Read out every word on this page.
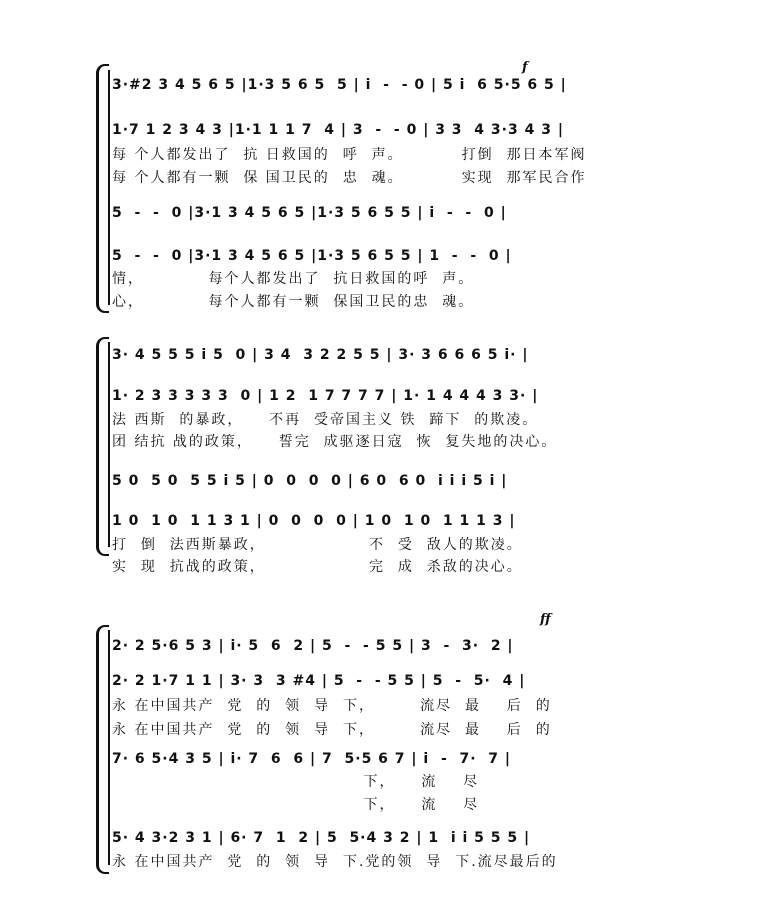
f
3·#2 3 4 5 6 5 |1·3 5 6 5  5 | i  -  - 0 | 5 i  6 5·5 6 5 |
1·7 1 2 3 4 3 |1·1 1 1 7  4 | 3  -  - 0 | 3 3  4 3·3 4 3 |
每 个人都发出了  抗 日救国的  呼  声。         打倒  那日本军阀
每 个人都有一颗  保 国卫民的  忠  魂。         实现  那军民合作
5  -  -  0 |3·1 3 4 5 6 5 |1·3 5 6 5 5 | i  -  -  0 |
5  -  -  0 |3·1 3 4 5 6 5 |1·3 5 6 5 5 | 1  -  -  0 |
情，          每个人都发出了  抗日救国的呼  声。
心，          每个人都有一颗  保国卫民的忠  魂。
3· 4 5 5 5 i 5  0 | 3 4  3 2 2 5 5 | 3· 3 6 6 6 5 i· |
1· 2 3 3 3 3 3  0 | 1 2  1 7 7 7 7 | 1· 1 4 4 4 3 3· |
法 西斯  的暴政，    不再  受帝国主义 铁  蹄下  的欺凌。
团 结抗 战的政策，    誓完  成驱逐日寇  恢  复失地的决心。
5 0  5 0  5 5 i 5 | 0  0  0  0 | 6 0  6 0  i i i 5 i |
1 0  1 0  1 1 3 1 | 0  0  0  0 | 1 0  1 0  1 1 1 3 |
打  倒  法西斯暴政，                不  受  敌人的欺凌。
实  现  抗战的政策，                完  成  杀敌的决心。
ff
2· 2 5·6 5 3 | i· 5  6  2 | 5  -  - 5 5 | 3  -  3·  2 |
2· 2 1·7 1 1 | 3· 3  3 #4 | 5  -  - 5 5 | 5  -  5·  4 |
永 在中国共产  党  的  领  导  下，       流尽  最    后  的
永 在中国共产  党  的  领  导  下，       流尽  最    后  的
7· 6 5·4 3 5 | i· 7  6  6 | 7  5·5 6 7 | i  -  7·  7 |
下，    流    尽
下，    流    尽
5· 4 3·2 3 1 | 6· 7  1  2 | 5  5·4 3 2 | 1  i i 5 5 5 |
永 在中国共产  党  的  领  导  下.党的领  导  下.流尽最后的
